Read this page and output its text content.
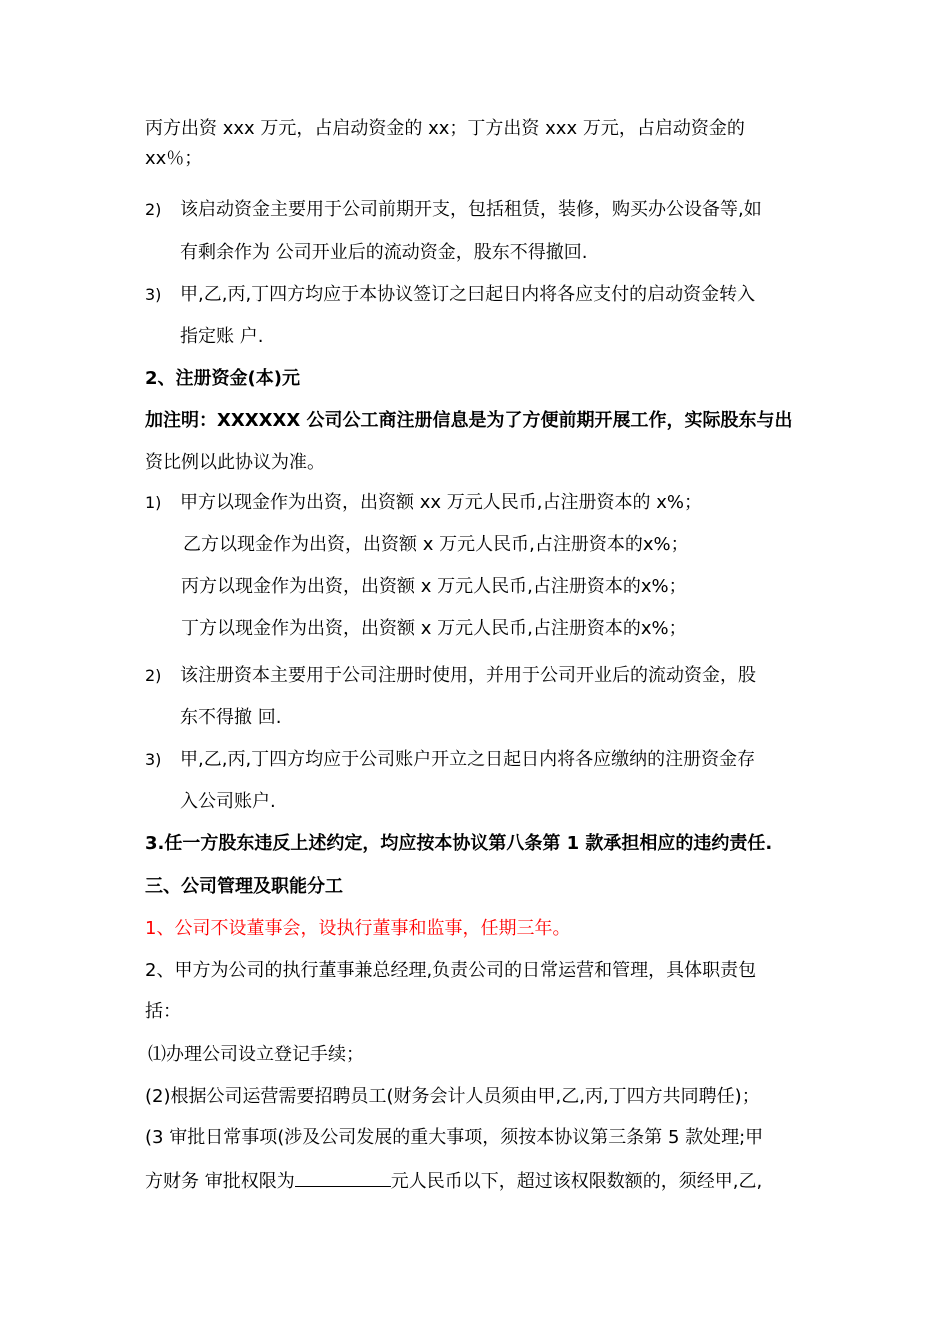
丙方出资 xxx 万元，占启动资金的 xx；丁方出资 xxx 万元，占启动资金的
xx％；
2) 该启动资金主要用于公司前期开支，包括租赁，装修，购买办公设备等,如
有剩余作为 公司开业后的流动资金，股东不得撤回.
3) 甲,乙,丙,丁四方均应于本协议签订之曰起日内将各应支付的启动资金转入
指定账 户.
2、注册资金(本)元
加注明：XXXXXX 公司公工商注册信息是为了方便前期开展工作，实际股东与出
资比例以此协议为准。
1) 甲方以现金作为出资，出资额 xx 万元人民币,占注册资本的 x%；
乙方以现金作为出资，出资额 x 万元人民币,占注册资本的x%；
丙方以现金作为出资，出资额 x 万元人民币,占注册资本的x%；
丁方以现金作为出资，出资额 x 万元人民币,占注册资本的x%；
2) 该注册资本主要用于公司注册时使用，并用于公司开业后的流动资金，股
东不得撤 回.
3) 甲,乙,丙,丁四方均应于公司账户开立之日起日内将各应缴纳的注册资金存
入公司账户.
3.任一方股东违反上述约定，均应按本协议第八条第 1 款承担相应的违约责任.
三、公司管理及职能分工
1、公司不设董事会，设执行董事和监事，任期三年。
2、甲方为公司的执行董事兼总经理,负责公司的日常运营和管理，具体职责包
括：
⑴办理公司设立登记手续；
(2)根据公司运营需要招聘员工(财务会计人员须由甲,乙,丙,丁四方共同聘任)；
(3 审批日常事项(涉及公司发展的重大事项，须按本协议第三条第 5 款处理;甲
方财务 审批权限为	元人民币以下，超过该权限数额的，须经甲,乙,
